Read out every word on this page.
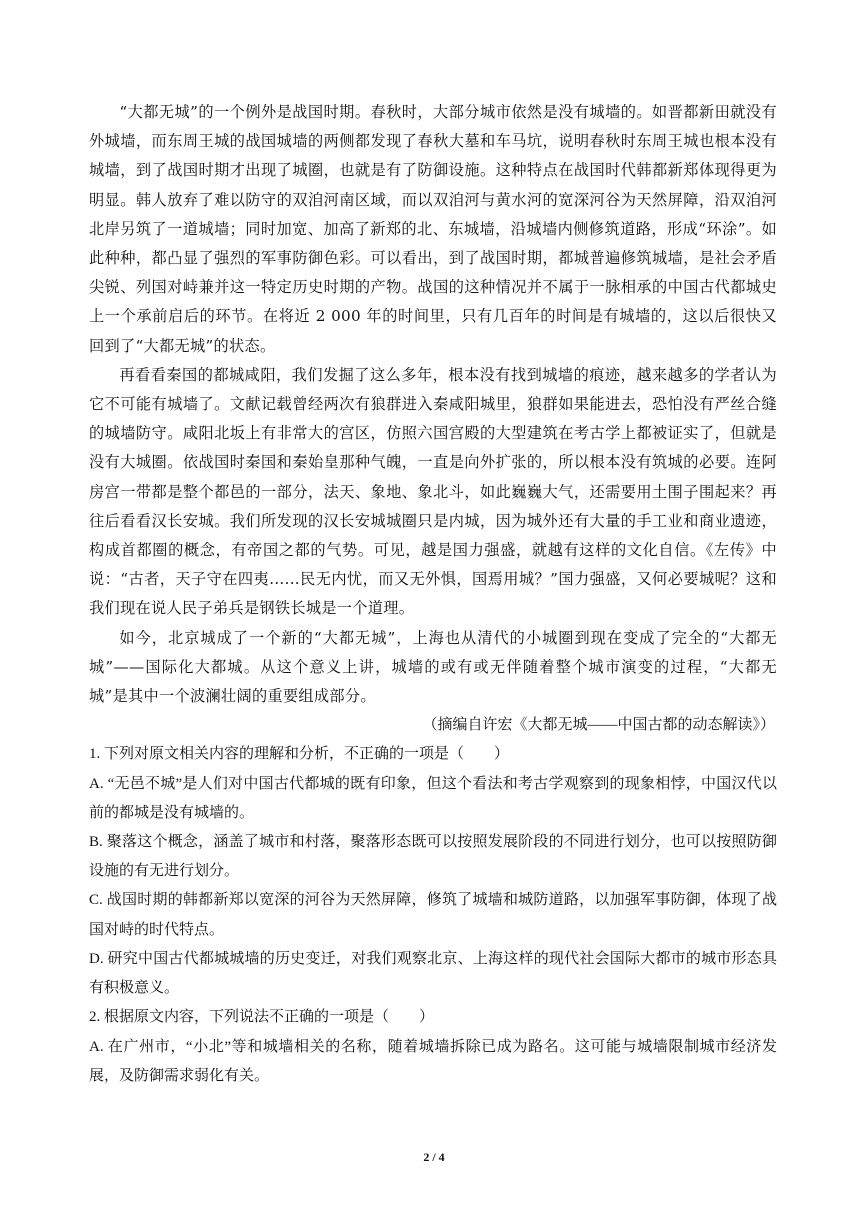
“大都无城”的一个例外是战国时期。春秋时，大部分城市依然是没有城墙的。如晋都新田就没有外城墙，而东周王城的战国城墙的两侧都发现了春秋大墓和车马坑，说明春秋时东周王城也根本没有城墙，到了战国时期才出现了城圈，也就是有了防御设施。这种特点在战国时代韩都新郑体现得更为明显。韩人放弃了难以防守的双洎河南区域，而以双洎河与黄水河的宽深河谷为天然屏障，沿双洎河北岸另筑了一道城墙；同时加宽、加高了新郑的北、东城墙，沿城墙内侧修筑道路，形成“环涂”。如此种种，都凸显了强烈的军事防御色彩。可以看出，到了战国时期，都城普遍修筑城墙，是社会矛盾尖锐、列国对峙兼并这一特定历史时期的产物。战国的这种情况并不属于一脉相承的中国古代都城史上一个承前启后的环节。在将近 2 000 年的时间里，只有几百年的时间是有城墙的，这以后很快又回到了“大都无城”的状态。

再看看秦国的都城咸阳，我们发掘了这么多年，根本没有找到城墙的痕迹，越来越多的学者认为它不可能有城墙了。文献记载曾经两次有狼群进入秦咸阳城里，狼群如果能进去，恐怕没有严丝合缝的城墙防守。咸阳北坂上有非常大的宫区，仿照六国宫殿的大型建筑在考古学上都被证实了，但就是没有大城圈。依战国时秦国和秦始皇那种气魄，一直是向外扩张的，所以根本没有筑城的必要。连阿房宫一带都是整个都邑的一部分，法天、象地、象北斗，如此巍巍大气，还需要用土围子围起来？再往后看看汉长安城。我们所发现的汉长安城城圈只是内城，因为城外还有大量的手工业和商业遗迹，构成首都圈的概念，有帝国之都的气势。可见，越是国力强盛，就越有这样的文化自信。《左传》中说：“古者，天子守在四夷……民无内忧，而又无外惧，国焉用城？”国力强盛，又何必要城呢？这和我们现在说人民子弟兵是钢铁长城是一个道理。

如今，北京城成了一个新的“大都无城”，上海也从清代的小城圈到现在变成了完全的“大都无城”——国际化大都城。从这个意义上讲，城墙的或有或无伴随着整个城市演变的过程，“大都无城”是其中一个波澜壮阔的重要组成部分。

（摘编自许宏《大都无城——中国古都的动态解读》）

1. 下列对原文相关内容的理解和分析，不正确的一项是（　　）

A. “无邑不城”是人们对中国古代都城的既有印象，但这个看法和考古学观察到的现象相悖，中国汉代以前的都城是没有城墙的。

B. 聚落这个概念，涵盖了城市和村落，聚落形态既可以按照发展阶段的不同进行划分，也可以按照防御设施的有无进行划分。

C. 战国时期的韩都新郑以宽深的河谷为天然屏障，修筑了城墙和城防道路，以加强军事防御，体现了战国对峙的时代特点。

D. 研究中国古代都城城墙的历史变迁，对我们观察北京、上海这样的现代社会国际大都市的城市形态具有积极意义。

2. 根据原文内容，下列说法不正确的一项是（　　）

A. 在广州市，“小北”等和城墙相关的名称，随着城墙拆除已成为路名。这可能与城墙限制城市经济发展，及防御需求弱化有关。

2 / 4
